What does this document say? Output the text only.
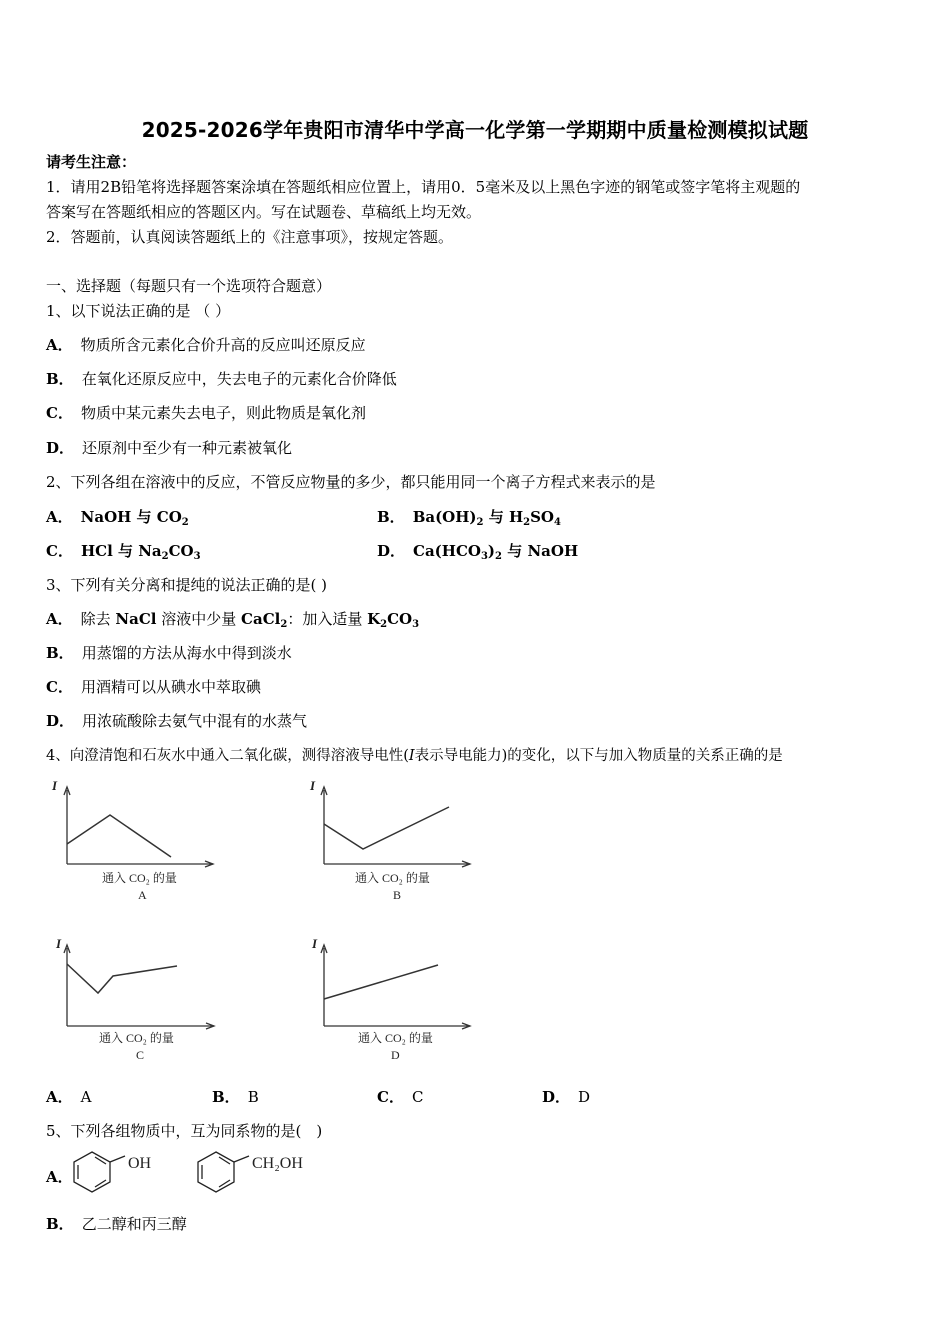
2025-2026学年贵阳市清华中学高一化学第一学期期中质量检测模拟试题
请考生注意：
1．请用2B铅笔将选择题答案涂填在答题纸相应位置上，请用0．5毫米及以上黑色字迹的钢笔或签字笔将主观题的
答案写在答题纸相应的答题区内。写在试题卷、草稿纸上均无效。
2．答题前，认真阅读答题纸上的《注意事项》，按规定答题。
一、选择题（每题只有一个选项符合题意）
1、以下说法正确的是 （ ）
A． 物质所含元素化合价升高的反应叫还原反应
B． 在氧化还原反应中，失去电子的元素化合价降低
C． 物质中某元素失去电子，则此物质是氧化剂
D． 还原剂中至少有一种元素被氧化
2、下列各组在溶液中的反应，不管反应物量的多少，都只能用同一个离子方程式来表示的是
A． NaOH 与 $CO_2$	B． $Ba(OH)_2$ 与 $H_2SO_4$
C． HCl 与 $Na_2CO_3$	D． $Ca(HCO_3)_2$ 与 NaOH
3、下列有关分离和提纯的说法正确的是( )
A． 除去 NaCl 溶液中少量 CaCl$_2$：加入适量 $K_2CO_3$
B． 用蒸馏的方法从海水中得到淡水
C． 用酒精可以从碘水中萃取碘
D． 用浓硫酸除去氨气中混有的水蒸气
4、向澄清饱和石灰水中通入二氧化碳，测得溶液导电性(I表示导电能力)的变化，以下与加入物质量的关系正确的是
I
通入 CO₂ 的量
A
I
通入 CO₂ 的量
B
I
通入 CO₂ 的量
C
I
通入 CO₂ 的量
D
A． A	B． B	C． C	D． D
5、下列各组物质中，互为同系物的是(　)
A．
OH	CH₂OH
B． 乙二醇和丙三醇
